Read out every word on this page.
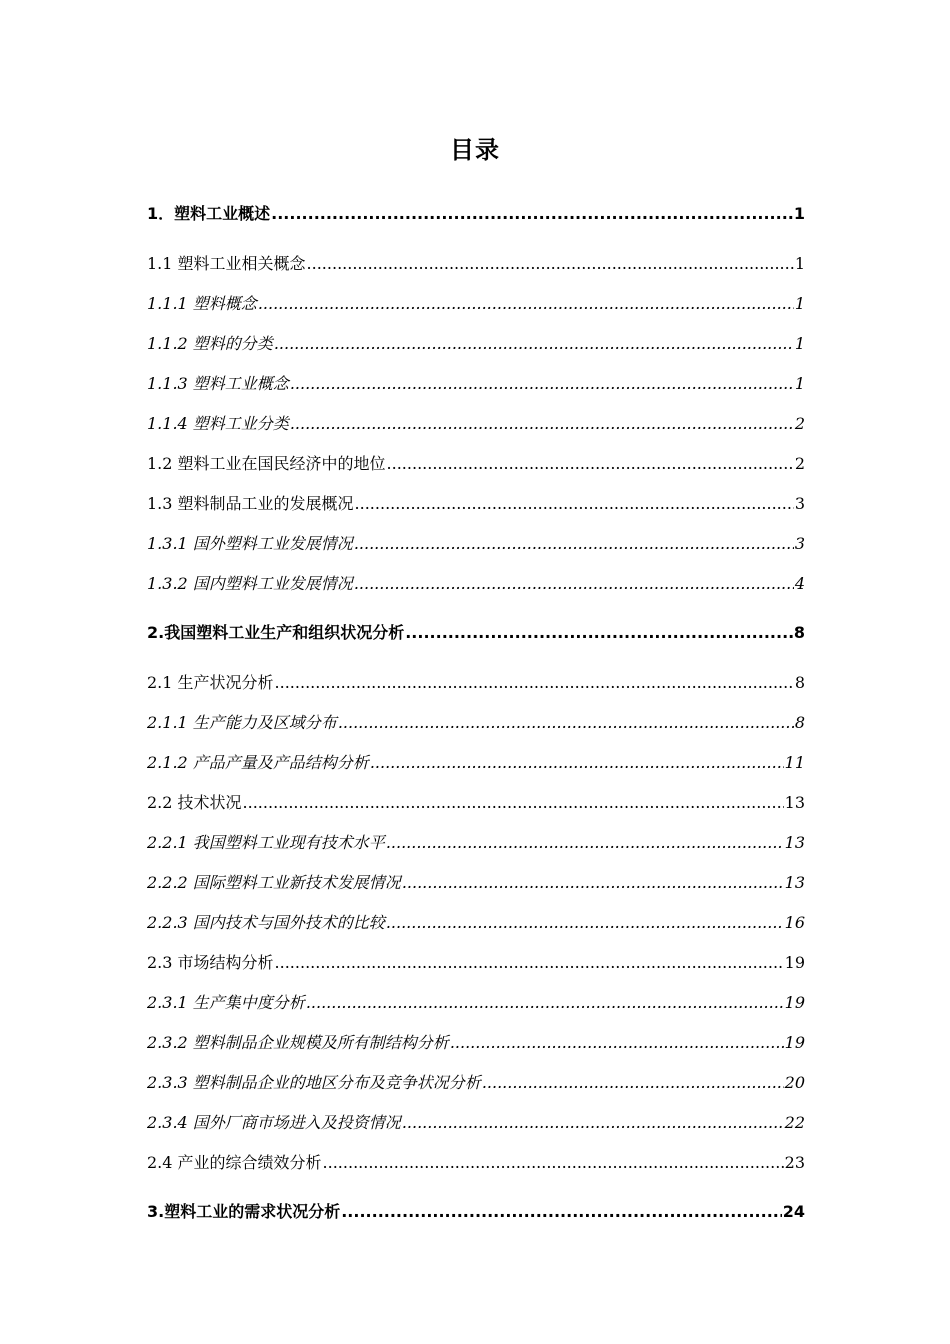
目录
1．塑料工业概述 .....	1
1.1 塑料工业相关概念 .....	1
1.1.1 塑料概念 .....	1
1.1.2 塑料的分类 .....	1
1.1.3 塑料工业概念 .....	1
1.1.4 塑料工业分类 .....	2
1.2 塑料工业在国民经济中的地位 .....	2
1.3 塑料制品工业的发展概况 .....	3
1.3.1 国外塑料工业发展情况 .....	3
1.3.2 国内塑料工业发展情况 .....	4
2.我国塑料工业生产和组织状况分析 .....	8
2.1 生产状况分析 .....	8
2.1.1 生产能力及区域分布 .....	8
2.1.2 产品产量及产品结构分析 .....	11
2.2 技术状况 .....	13
2.2.1 我国塑料工业现有技术水平 .....	13
2.2.2 国际塑料工业新技术发展情况 .....	13
2.2.3 国内技术与国外技术的比较 .....	16
2.3 市场结构分析 .....	19
2.3.1 生产集中度分析 .....	19
2.3.2 塑料制品企业规模及所有制结构分析 .....	19
2.3.3 塑料制品企业的地区分布及竞争状况分析 .....	20
2.3.4 国外厂商市场进入及投资情况 .....	22
2.4 产业的综合绩效分析 .....	23
3.塑料工业的需求状况分析 .....	24
